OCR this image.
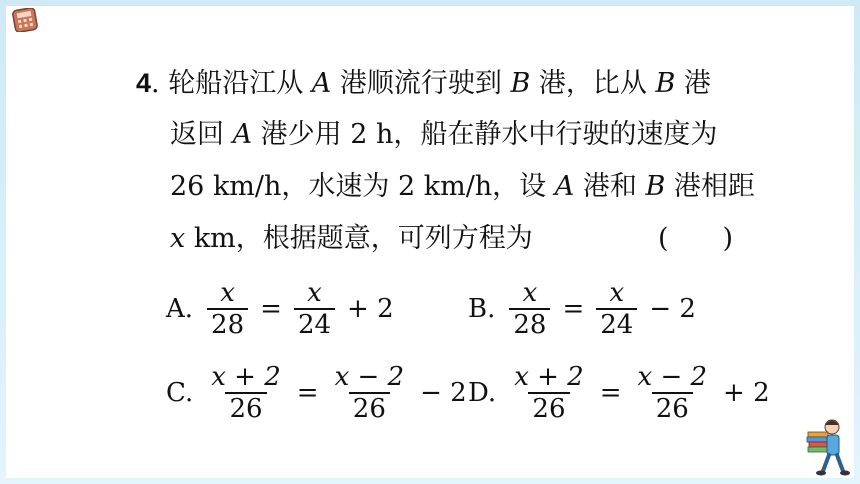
4. 轮船沿江从 A 港顺流行驶到 B 港，比从 B 港
返回 A 港少用 2 h，船在静水中行驶的速度为
26 km/h，水速为 2 km/h，设 A 港和 B 港相距
x km，根据题意，可列方程为	(　　)
A. $\frac{x}{28} = \frac{x}{24} + 2$	B. $\frac{x}{28} = \frac{x}{24} - 2$
C. $\frac{x + 2}{26} = \frac{x - 2}{26} - 2$ D. $\frac{x + 2}{26} = \frac{x - 2}{26} + 2$
